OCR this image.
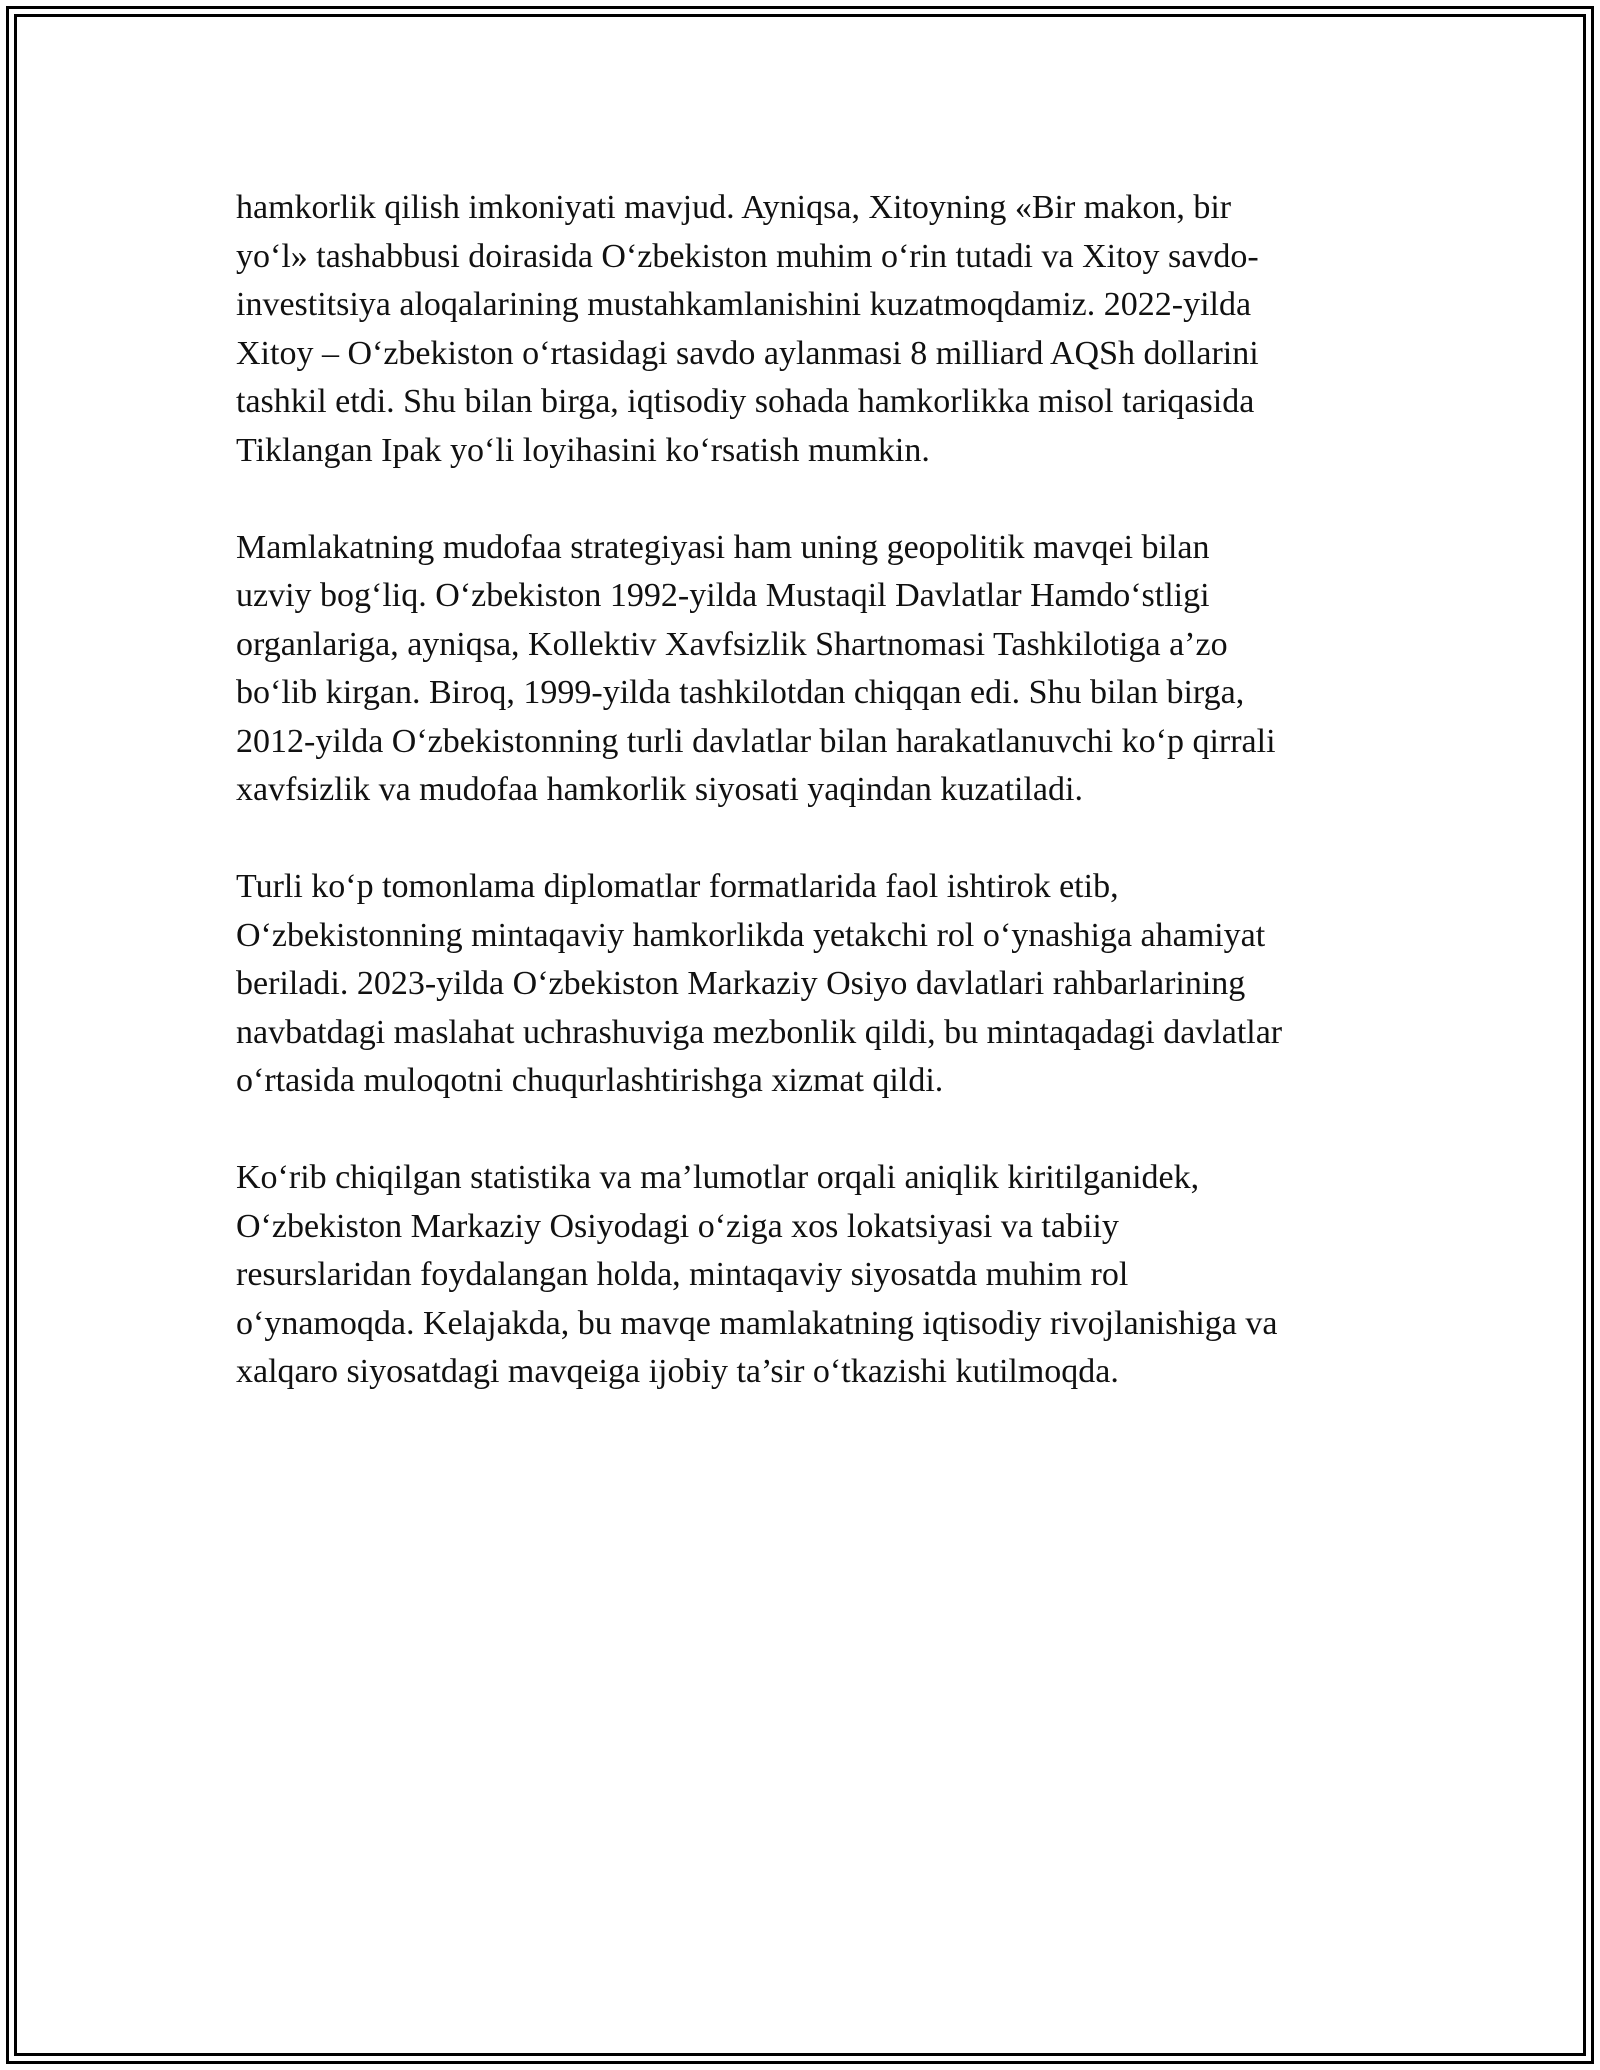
hamkorlik qilish imkoniyati mavjud. Ayniqsa, Xitoyning «Bir makon, bir
yo‘l» tashabbusi doirasida O‘zbekiston muhim o‘rin tutadi va Xitoy savdo-
investitsiya aloqalarining mustahkamlanishini kuzatmoqdamiz. 2022-yilda
Xitoy – O‘zbekiston o‘rtasidagi savdo aylanmasi 8 milliard AQSh dollarini
tashkil etdi. Shu bilan birga, iqtisodiy sohada hamkorlikka misol tariqasida
Tiklangan Ipak yo‘li loyihasini ko‘rsatish mumkin.

Mamlakatning mudofaa strategiyasi ham uning geopolitik mavqei bilan
uzviy bog‘liq. O‘zbekiston 1992-yilda Mustaqil Davlatlar Hamdo‘stligi
organlariga, ayniqsa, Kollektiv Xavfsizlik Shartnomasi Tashkilotiga a’zo
bo‘lib kirgan. Biroq, 1999-yilda tashkilotdan chiqqan edi. Shu bilan birga,
2012-yilda O‘zbekistonning turli davlatlar bilan harakatlanuvchi ko‘p qirrali
xavfsizlik va mudofaa hamkorlik siyosati yaqindan kuzatiladi.

Turli ko‘p tomonlama diplomatlar formatlarida faol ishtirok etib,
O‘zbekistonning mintaqaviy hamkorlikda yetakchi rol o‘ynashiga ahamiyat
beriladi. 2023-yilda O‘zbekiston Markaziy Osiyo davlatlari rahbarlarining
navbatdagi maslahat uchrashuviga mezbonlik qildi, bu mintaqadagi davlatlar
o‘rtasida muloqotni chuqurlashtirishga xizmat qildi.

Ko‘rib chiqilgan statistika va ma’lumotlar orqali aniqlik kiritilganidek,
O‘zbekiston Markaziy Osiyodagi o‘ziga xos lokatsiyasi va tabiiy
resurslaridan foydalangan holda, mintaqaviy siyosatda muhim rol
o‘ynamoqda. Kelajakda, bu mavqe mamlakatning iqtisodiy rivojlanishiga va
xalqaro siyosatdagi mavqeiga ijobiy ta’sir o‘tkazishi kutilmoqda.
